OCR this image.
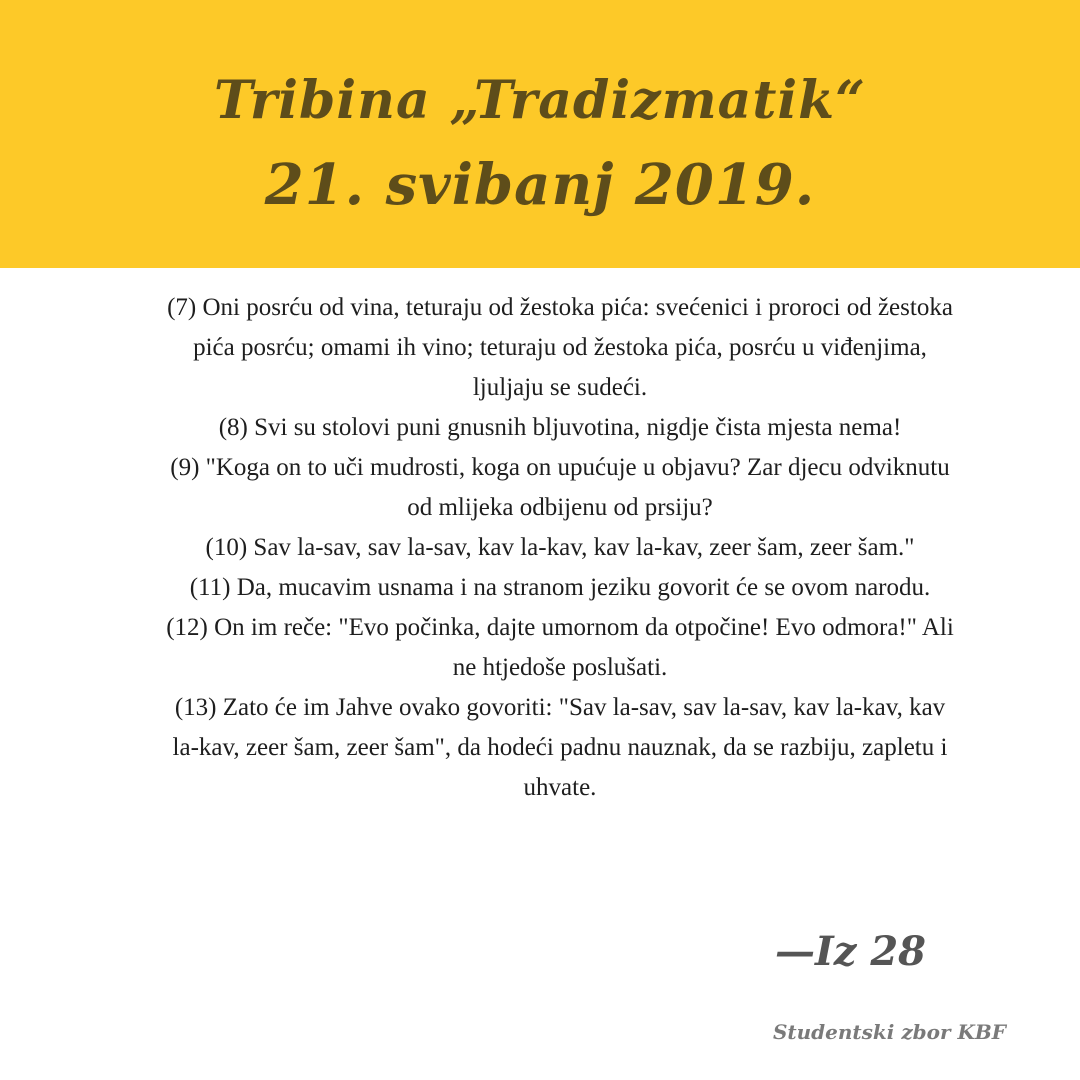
Tribina „Tradizmatik“
21. svibanj 2019.
(7) Oni posrću od vina, teturaju od žestoka pića: svećenici i proroci od žestoka pića posrću; omami ih vino; teturaju od žestoka pića, posrću u viđenjima, ljuljaju se sudeći.
(8) Svi su stolovi puni gnusnih bljuvotina, nigdje čista mjesta nema!
(9) "Koga on to uči mudrosti, koga on upućuje u objavu? Zar djecu odviknutu od mlijeka odbijenu od prsiju?
(10) Sav la-sav, sav la-sav, kav la-kav, kav la-kav, zeer šam, zeer šam."
(11) Da, mucavim usnama i na stranom jeziku govorit će se ovom narodu.
(12) On im reče: "Evo počinka, dajte umornom da otpočine! Evo odmora!" Ali ne htjedoše poslušati.
(13) Zato će im Jahve ovako govoriti: "Sav la-sav, sav la-sav, kav la-kav, kav la-kav, zeer šam, zeer šam", da hodeći padnu nauznak, da se razbiju, zapletu i uhvate.
—Iz 28
Studentski zbor KBF
